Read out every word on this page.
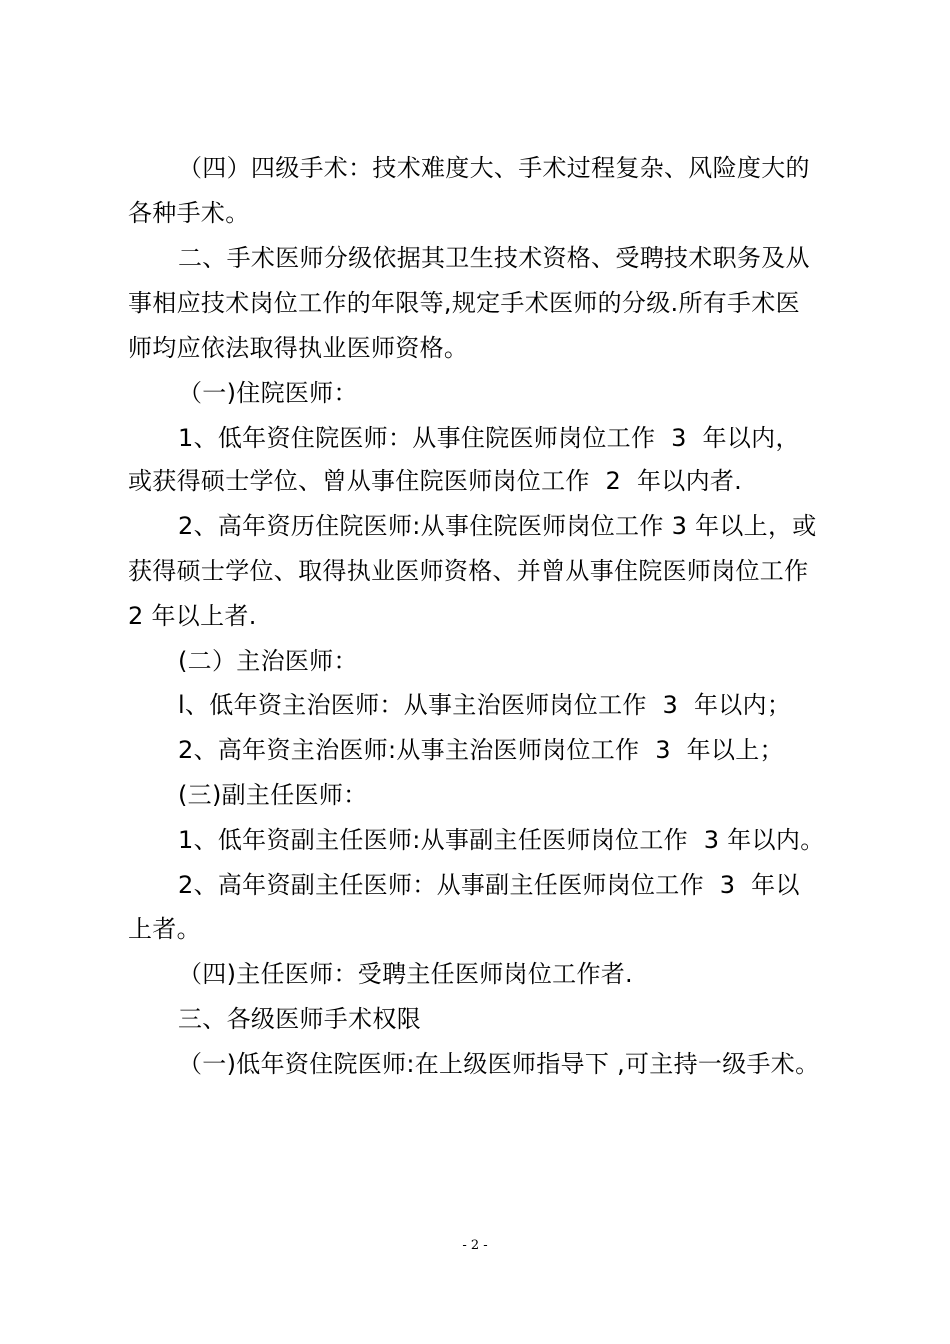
（四）四级手术：技术难度大、手术过程复杂、风险度大的
各种手术。
二、手术医师分级依据其卫生技术资格、受聘技术职务及从
事相应技术岗位工作的年限等,规定手术医师的分级.所有手术医
师均应依法取得执业医师资格。
（一)住院医师：
1、低年资住院医师：从事住院医师岗位工作  3  年以内，
或获得硕士学位、曾从事住院医师岗位工作  2  年以内者.
2、高年资历住院医师:从事住院医师岗位工作 3 年以上，或
获得硕士学位、取得执业医师资格、并曾从事住院医师岗位工作
2 年以上者.
(二）主治医师：
l、低年资主治医师：从事主治医师岗位工作  3  年以内；
2、高年资主治医师:从事主治医师岗位工作  3  年以上；
(三)副主任医师：
1、低年资副主任医师:从事副主任医师岗位工作  3 年以内。
2、高年资副主任医师：从事副主任医师岗位工作  3  年以
上者。
（四)主任医师：受聘主任医师岗位工作者.
三、各级医师手术权限
（一)低年资住院医师:在上级医师指导下 ,可主持一级手术。
- 2 -
